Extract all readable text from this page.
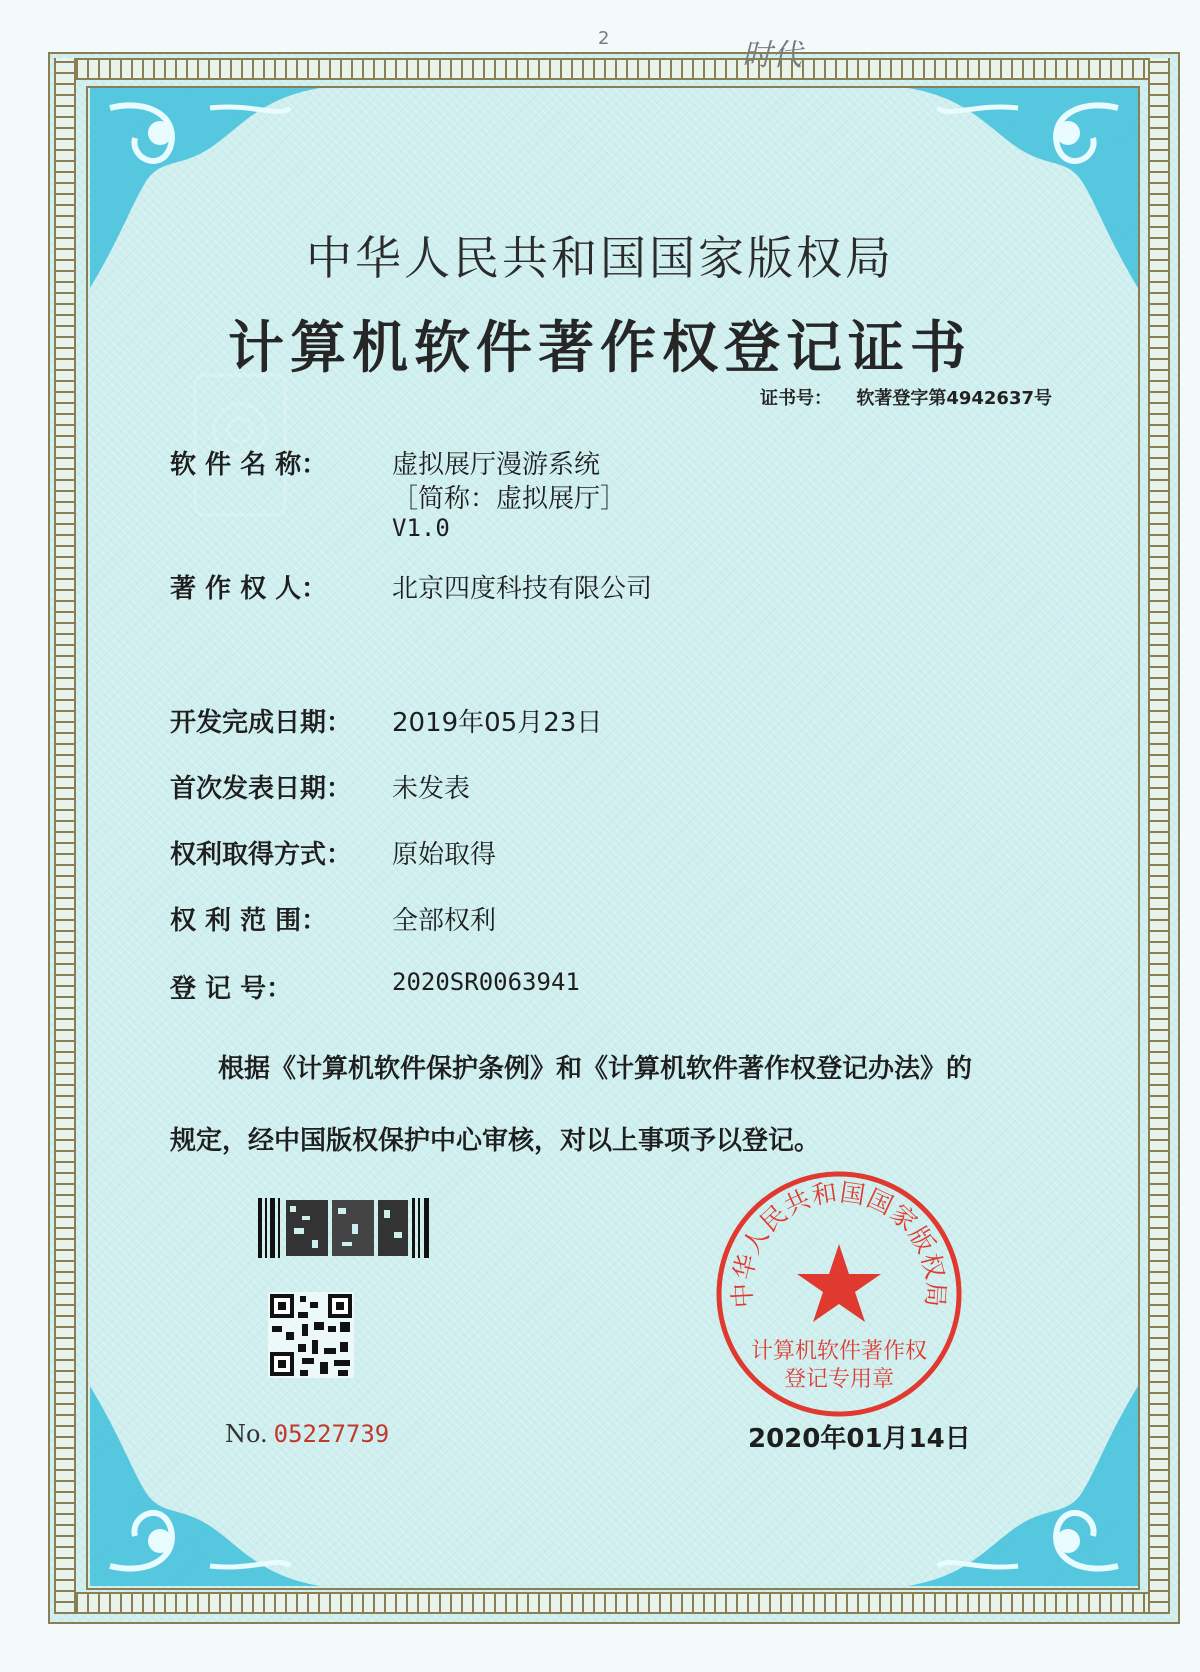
2	时代
中华人民共和国国家版权局
计算机软件著作权登记证书
证书号： 软著登字第4942637号
软 件 名 称：	虚拟展厅漫游系统
［简称：虚拟展厅］
V1.0
著 作 权 人：	北京四度科技有限公司
开发完成日期：	2019年05月23日
首次发表日期：	未发表
权利取得方式：	原始取得
权 利 范 围：	全部权利
登 记 号：	2020SR0063941
根据《计算机软件保护条例》和《计算机软件著作权登记办法》的
规定，经中国版权保护中心审核，对以上事项予以登记。
No. 05227739
中华人民共和国国家版权局
计算机软件著作权
登记专用章
2020年01月14日
